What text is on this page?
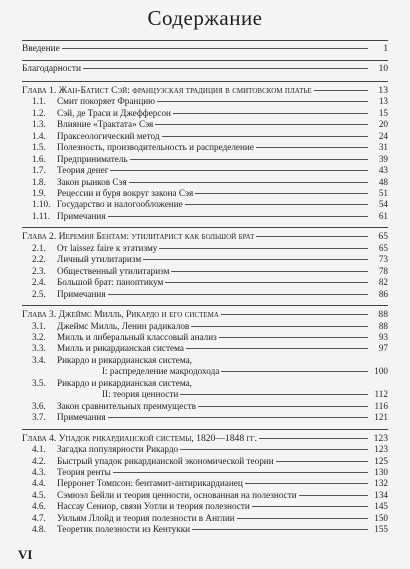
Содержание
Введение	1
Благодарности	10
Глава 1. Жан-Батист Сэй: французская традиция в смитовском платье	13
1.1.	Смит покоряет Францию	13
1.2.	Сэй, де Траси и Джефферсон	15
1.3.	Влияние «Трактата» Сэя	20
1.4.	Праксеологический метод	24
1.5.	Полезность, производительность и распределение	31
1.6.	Предприниматель	39
1.7.	Теория денег	43
1.8.	Закон рынков Сэя	48
1.9.	Рецессии и буря вокруг закона Сэя	51
1.10. Государство и налогообложение	54
1.11. Примечания	61
Глава 2. Иеремия Бентам: утилитарист как большой брат	65
2.1.	От laissez faire к этатизму	65
2.2.	Личный утилитаризм	73
2.3.	Общественный утилитаризм	78
2.4.	Большой брат: паноптикум	82
2.5.	Примечания	86
Глава 3. Джеймс Милль, Рикардо и его система	88
3.1.	Джеймс Милль, Ленин радикалов	88
3.2.	Милль и либеральный классовый анализ	93
3.3.	Милль и рикардианская система	97
3.4.	Рикардо и рикардианская система,
I: распределение макродохода	100
3.5.	Рикардо и рикардианская система,
II: теория ценности	112
3.6.	Закон сравнительных преимуществ	116
3.7.	Примечания	121
Глава 4. Упадок рикардианской системы, 1820—1848 гг.	123
4.1.	Загадка популярности Рикардо	123
4.2.	Быстрый упадок рикардианской экономической теории	125
4.3.	Теория ренты	130
4.4.	Перронет Томпсон: бентамит-антирикардианец	132
4.5.	Сэмюэл Бейли и теория ценности, основанная на полезности	134
4.6.	Нассау Сениор, связи Уотли и теория полезности	145
4.7.	Уильям Ллойд и теория полезности в Англии	150
4.8.	Теоретик полезности из Кентукки	155
VI
